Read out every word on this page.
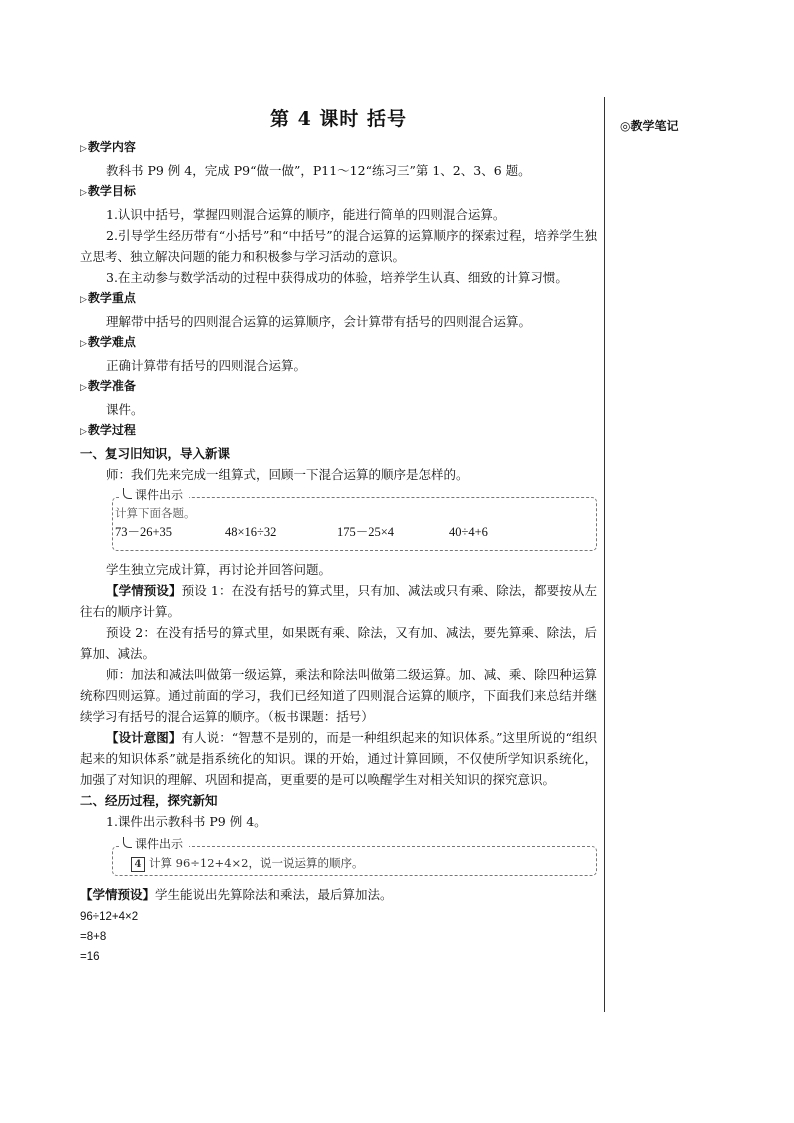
第 4 课时 括号	◎教学笔记
▷教学内容
教科书 P9 例 4，完成 P9“做一做”，P11～12“练习三”第 1、2、3、6 题。
▷教学目标
1.认识中括号，掌握四则混合运算的顺序，能进行简单的四则混合运算。
2.引导学生经历带有“小括号”和“中括号”的混合运算的运算顺序的探索过程，培养学生独立思考、独立解决问题的能力和积极参与学习活动的意识。
3.在主动参与数学活动的过程中获得成功的体验，培养学生认真、细致的计算习惯。
▷教学重点
理解带中括号的四则混合运算的运算顺序，会计算带有括号的四则混合运算。
▷教学难点
正确计算带有括号的四则混合运算。
▷教学准备
课件。
▷教学过程
一、复习旧知识，导入新课
师：我们先来完成一组算式，回顾一下混合运算的顺序是怎样的。
课件出示
计算下面各题。
73－26+35	48×16÷32	175－25×4	40÷4+6
学生独立完成计算，再讨论并回答问题。
【学情预设】预设 1：在没有括号的算式里，只有加、减法或只有乘、除法，都要按从左往右的顺序计算。
预设 2：在没有括号的算式里，如果既有乘、除法，又有加、减法，要先算乘、除法，后算加、减法。
师：加法和减法叫做第一级运算，乘法和除法叫做第二级运算。加、减、乘、除四种运算统称四则运算。通过前面的学习，我们已经知道了四则混合运算的顺序，下面我们来总结并继续学习有括号的混合运算的顺序。（板书课题：括号）
【设计意图】有人说：“智慧不是别的，而是一种组织起来的知识体系。”这里所说的“组织起来的知识体系”就是指系统化的知识。课的开始，通过计算回顾，不仅使所学知识系统化，加强了对知识的理解、巩固和提高，更重要的是可以唤醒学生对相关知识的探究意识。
二、经历过程，探究新知
1.课件出示教科书 P9 例 4。
课件出示
4 计算 96÷12+4×2，说一说运算的顺序。
【学情预设】学生能说出先算除法和乘法，最后算加法。
96÷12+4×2
=8+8
=16
